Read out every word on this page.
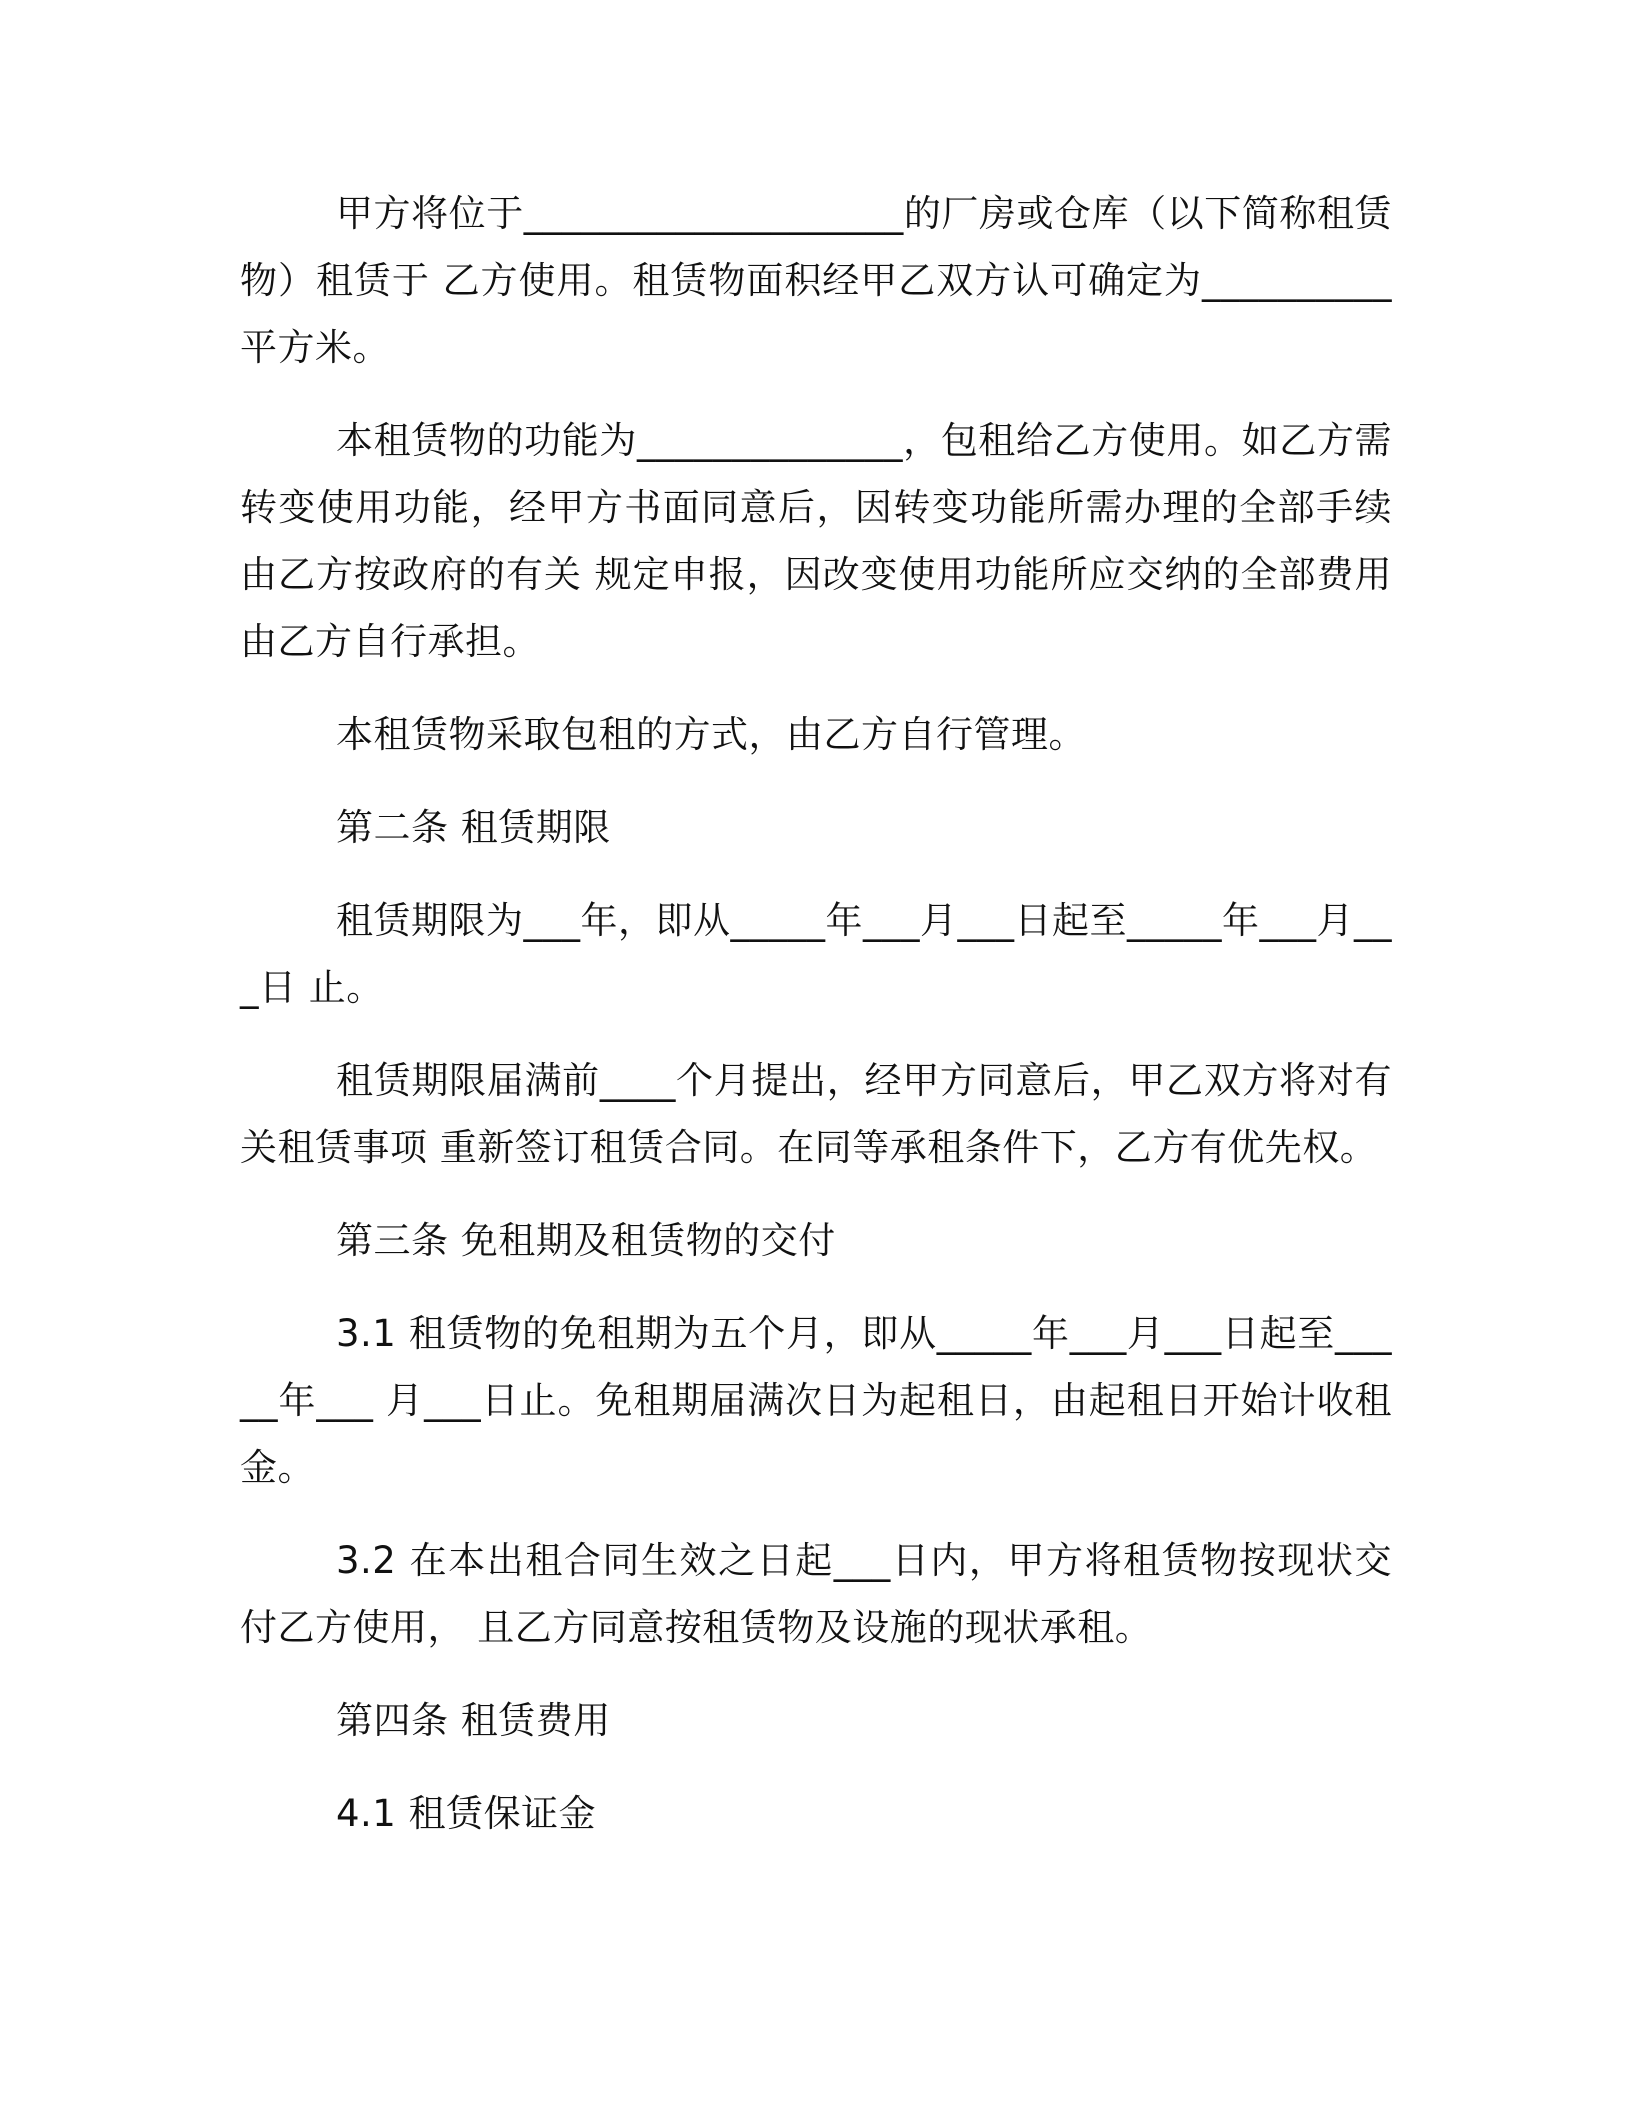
甲方将位于____________________的厂房或仓库（以下简称租赁物）租赁于 乙方使用。租赁物面积经甲乙双方认可确定为__________平方米。

本租赁物的功能为______________，包租给乙方使用。如乙方需转变使用功能，经甲方书面同意后，因转变功能所需办理的全部手续由乙方按政府的有关 规定申报，因改变使用功能所应交纳的全部费用由乙方自行承担。

本租赁物采取包租的方式，由乙方自行管理。

第二条 租赁期限

租赁期限为___年，即从_____年___月___日起至_____年___月___日 止。

租赁期限届满前____个月提出，经甲方同意后，甲乙双方将对有关租赁事项 重新签订租赁合同。在同等承租条件下，乙方有优先权。

第三条 免租期及租赁物的交付

3.1 租赁物的免租期为五个月，即从_____年___月___日起至_____年___ 月___日止。免租期届满次日为起租日，由起租日开始计收租金。

3.2 在本出租合同生效之日起___日内，甲方将租赁物按现状交付乙方使用， 且乙方同意按租赁物及设施的现状承租。

第四条 租赁费用

4.1 租赁保证金
